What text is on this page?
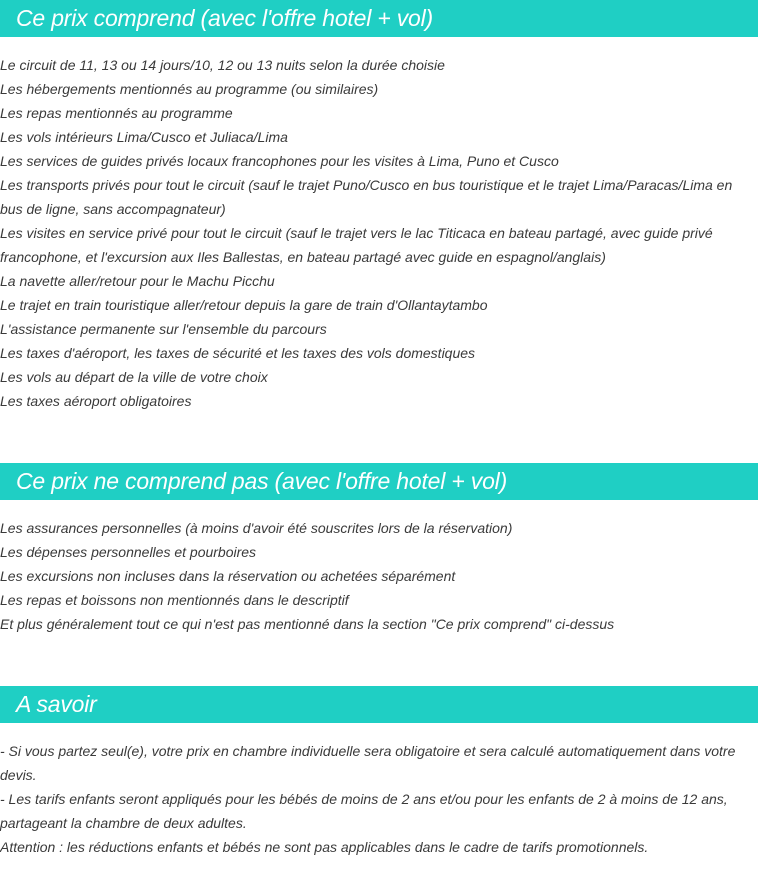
Ce prix comprend (avec l'offre hotel + vol)
Le circuit de 11, 13 ou 14 jours/10, 12 ou 13 nuits selon la durée choisie
Les hébergements mentionnés au programme (ou similaires)
Les repas mentionnés au programme
Les vols intérieurs Lima/Cusco et Juliaca/Lima
Les services de guides privés locaux francophones pour les visites à Lima, Puno et Cusco
Les transports privés pour tout le circuit (sauf le trajet Puno/Cusco en bus touristique et le trajet Lima/Paracas/Lima en bus de ligne, sans accompagnateur)
Les visites en service privé pour tout le circuit (sauf le trajet vers le lac Titicaca en bateau partagé, avec guide privé francophone, et l'excursion aux Iles Ballestas, en bateau partagé avec guide en espagnol/anglais)
La navette aller/retour pour le Machu Picchu
Le trajet en train touristique aller/retour depuis la gare de train d'Ollantaytambo
L'assistance permanente sur l'ensemble du parcours
Les taxes d'aéroport, les taxes de sécurité et les taxes des vols domestiques
Les vols au départ de la ville de votre choix
Les taxes aéroport obligatoires
Ce prix ne comprend pas (avec l'offre hotel + vol)
Les assurances personnelles (à moins d'avoir été souscrites lors de la réservation)
Les dépenses personnelles et pourboires
Les excursions non incluses dans la réservation ou achetées séparément
Les repas et boissons non mentionnés dans le descriptif
Et plus généralement tout ce qui n'est pas mentionné dans la section "Ce prix comprend" ci-dessus
A savoir
- Si vous partez seul(e), votre prix en chambre individuelle sera obligatoire et sera calculé automatiquement dans votre devis.
- Les tarifs enfants seront appliqués pour les bébés de moins de 2 ans et/ou pour les enfants de 2 à moins de 12 ans, partageant la chambre de deux adultes.
Attention : les réductions enfants et bébés ne sont pas applicables dans le cadre de tarifs promotionnels.
